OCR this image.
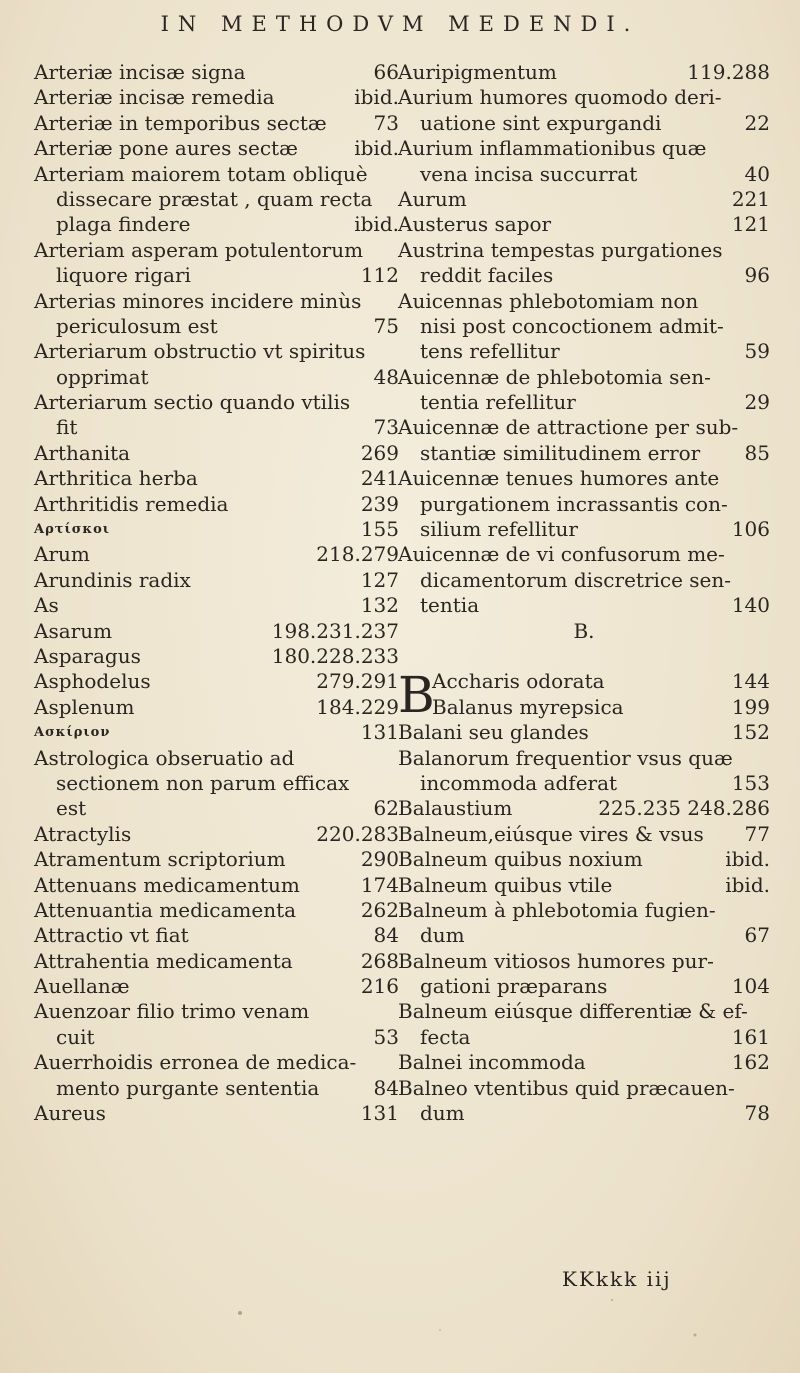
IN METHODVM MEDENDI.
Arteriæ incisæ signa	66
Arteriæ incisæ remedia	ibid.
Arteriæ in temporibus sectæ 73
Arteriæ pone aures sectæ	ibid.
Arteriam maiorem totam obliquè
dissecare præstat , quam recta
plaga findere	ibid.
Arteriam asperam potulentorum
liquore rigari	112
Arterias minores incidere minùs
periculosum est	75
Arteriarum obstructio vt spiritus
opprimat	48
Arteriarum sectio quando vtilis
fit	73
Arthanita	269
Arthritica herba	241
Arthritidis remedia	239
Αρτίσκοι	155
Arum	218.279
Arundinis radix	127
As	132
Asarum	198.231.237
Asparagus	180.228.233
Asphodelus	279.291
Asplenum	184.229
Ασκίριον	131
Astrologica obseruatio ad
sectionem non parum efficax
est	62
Atractylis	220.283
Atramentum scriptorium	290
Attenuans medicamentum	174
Attenuantia medicamenta	262
Attractio vt fiat	84
Attrahentia medicamenta	268
Auellanæ	216
Auenzoar filio trimo venam
cuit	53
Auerrhoidis erronea de medica-
mento purgante sententia	84
Aureus	131
Auripigmentum	119.288
Aurium humores quomodo deri-
uatione sint expurgandi	22
Aurium inflammationibus quæ
vena incisa succurrat	40
Aurum	221
Austerus sapor	121
Austrina tempestas purgationes
reddit faciles	96
Auicennas phlebotomiam non
nisi post concoctionem admit-
tens refellitur	59
Auicennæ de phlebotomia sen-
tentia refellitur	29
Auicennæ de attractione per sub-
stantiæ similitudinem error 85
Auicennæ tenues humores ante
purgationem incrassantis con-
silium refellitur	106
Auicennæ de vi confusorum me-
dicamentorum discretrice sen-
tentia	140
B.
B
Accharis odorata	144
Balanus myrepsica	199
Balani seu glandes	152
Balanorum frequentior vsus quæ
incommoda adferat	153
Balaustium	225.235 248.286
Balneum,eiúsque vires & vsus 77
Balneum quibus noxium	ibid.
Balneum quibus vtile	ibid.
Balneum à phlebotomia fugien-
dum	67
Balneum vitiosos humores pur-
gationi præparans	104
Balneum eiúsque differentiæ & ef-
fecta	161
Balnei incommoda	162
Balneo vtentibus quid præcauen-
dum	78
KKkkk iij
